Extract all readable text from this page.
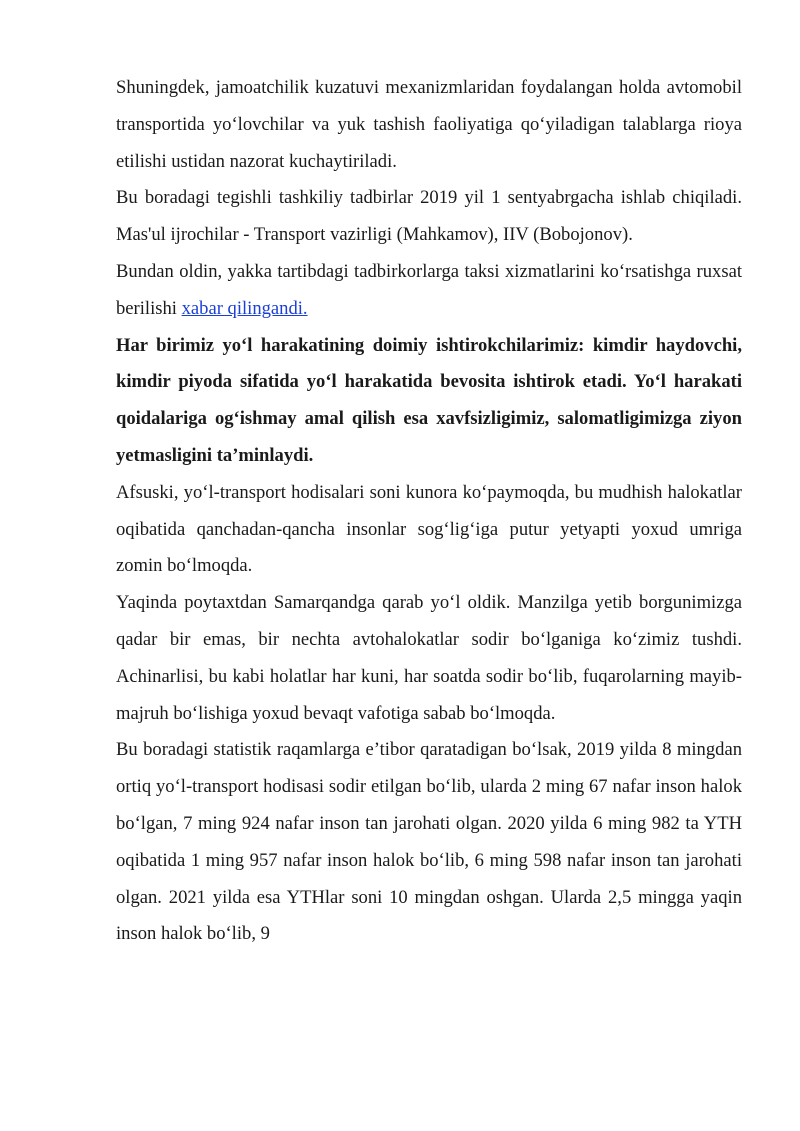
Shuningdek, jamoatchilik kuzatuvi mexanizmlaridan foydalangan holda avtomobil transportida yo‘lovchilar va yuk tashish faoliyatiga qo‘yiladigan talablarga rioya etilishi ustidan nazorat kuchaytiriladi.

Bu boradagi tegishli tashkiliy tadbirlar 2019 yil 1 sentyabrgacha ishlab chiqiladi. Mas'ul ijrochilar - Transport vazirligi (Mahkamov), IIV (Bobojonov).

Bundan oldin, yakka tartibdagi tadbirkorlarga taksi xizmatlarini ko‘rsatishga ruxsat berilishi xabar qilingandi.

Har birimiz yo‘l harakatining doimiy ishtirokchilarimiz: kimdir haydovchi, kimdir piyoda sifatida yo‘l harakatida bevosita ishtirok etadi. Yo‘l harakati qoidalariga og‘ishmay amal qilish esa xavfsizligimiz, salomatligimizga ziyon yetmasligini ta’minlaydi.

Afsuski, yo‘l-transport hodisalari soni kunora ko‘paymoqda, bu mudhish halokatlar oqibatida qanchadan-qancha insonlar sog‘lig‘iga putur yetyapti yoxud umriga zomin bo‘lmoqda.

Yaqinda poytaxtdan Samarqandga qarab yo‘l oldik. Manzilga yetib borgunimizga qadar bir emas, bir nechta avtohalokatlar sodir bo‘lganiga ko‘zimiz tushdi. Achinarlisi, bu kabi holatlar har kuni, har soatda sodir bo‘lib, fuqarolarning mayib-majruh bo‘lishiga yoxud bevaqt vafotiga sabab bo‘lmoqda.

Bu boradagi statistik raqamlarga e’tibor qaratadigan bo‘lsak, 2019 yilda 8 mingdan ortiq yo‘l-transport hodisasi sodir etilgan bo‘lib, ularda 2 ming 67 nafar inson halok bo‘lgan, 7 ming 924 nafar inson tan jarohati olgan. 2020 yilda 6 ming 982 ta YTH oqibatida 1 ming 957 nafar inson halok bo‘lib, 6 ming 598 nafar inson tan jarohati olgan. 2021 yilda esa YTHlar soni 10 mingdan oshgan. Ularda 2,5 mingga yaqin inson halok bo‘lib, 9
